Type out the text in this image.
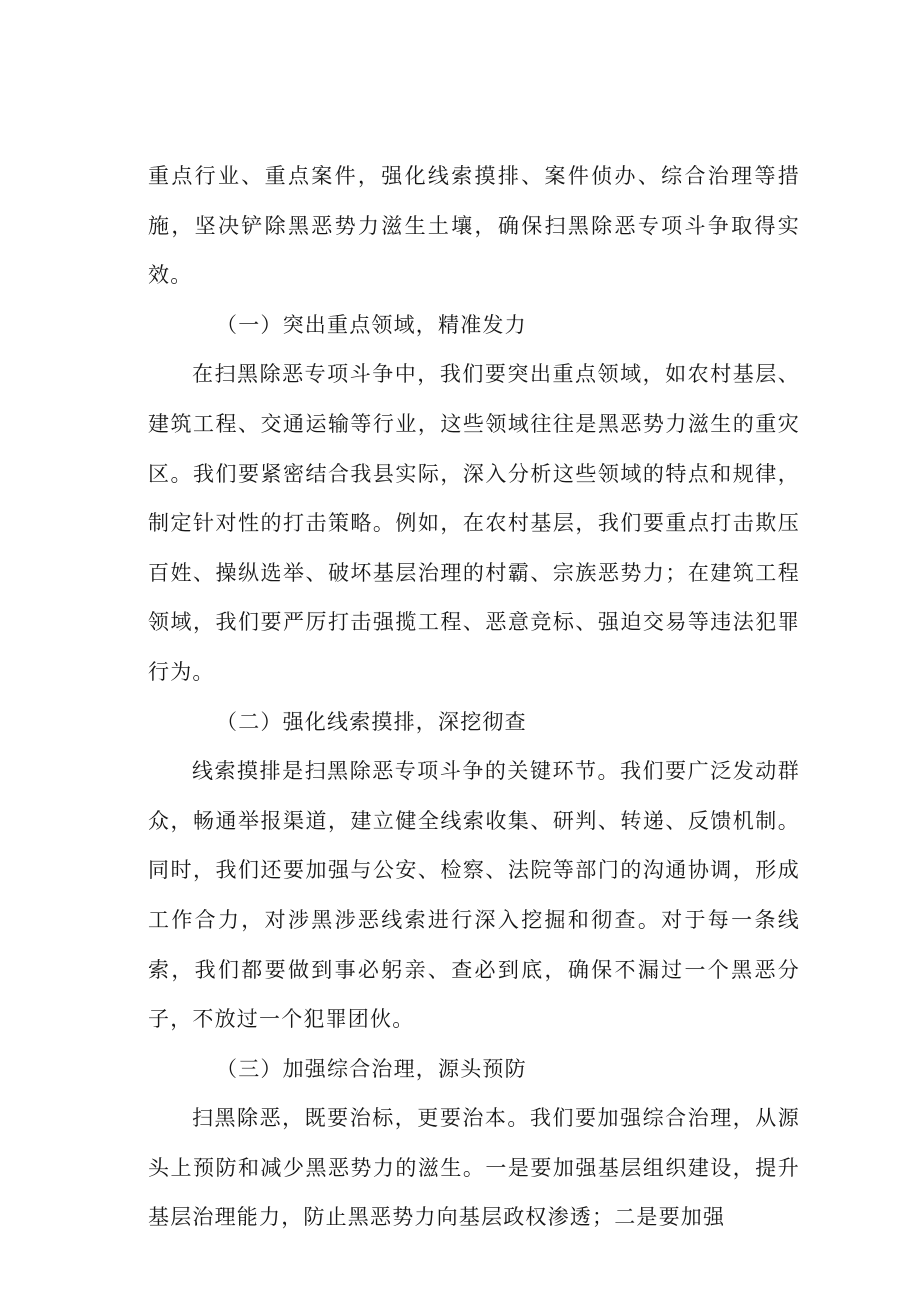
重点行业、重点案件，强化线索摸排、案件侦办、综合治理等措施，坚决铲除黑恶势力滋生土壤，确保扫黑除恶专项斗争取得实效。

（一）突出重点领域，精准发力

在扫黑除恶专项斗争中，我们要突出重点领域，如农村基层、建筑工程、交通运输等行业，这些领域往往是黑恶势力滋生的重灾区。我们要紧密结合我县实际，深入分析这些领域的特点和规律，制定针对性的打击策略。例如，在农村基层，我们要重点打击欺压百姓、操纵选举、破坏基层治理的村霸、宗族恶势力；在建筑工程领域，我们要严厉打击强揽工程、恶意竞标、强迫交易等违法犯罪行为。

（二）强化线索摸排，深挖彻查

线索摸排是扫黑除恶专项斗争的关键环节。我们要广泛发动群众，畅通举报渠道，建立健全线索收集、研判、转递、反馈机制。同时，我们还要加强与公安、检察、法院等部门的沟通协调，形成工作合力，对涉黑涉恶线索进行深入挖掘和彻查。对于每一条线索，我们都要做到事必躬亲、查必到底，确保不漏过一个黑恶分子，不放过一个犯罪团伙。

（三）加强综合治理，源头预防

扫黑除恶，既要治标，更要治本。我们要加强综合治理，从源头上预防和减少黑恶势力的滋生。一是要加强基层组织建设，提升基层治理能力，防止黑恶势力向基层政权渗透；二是要加强
